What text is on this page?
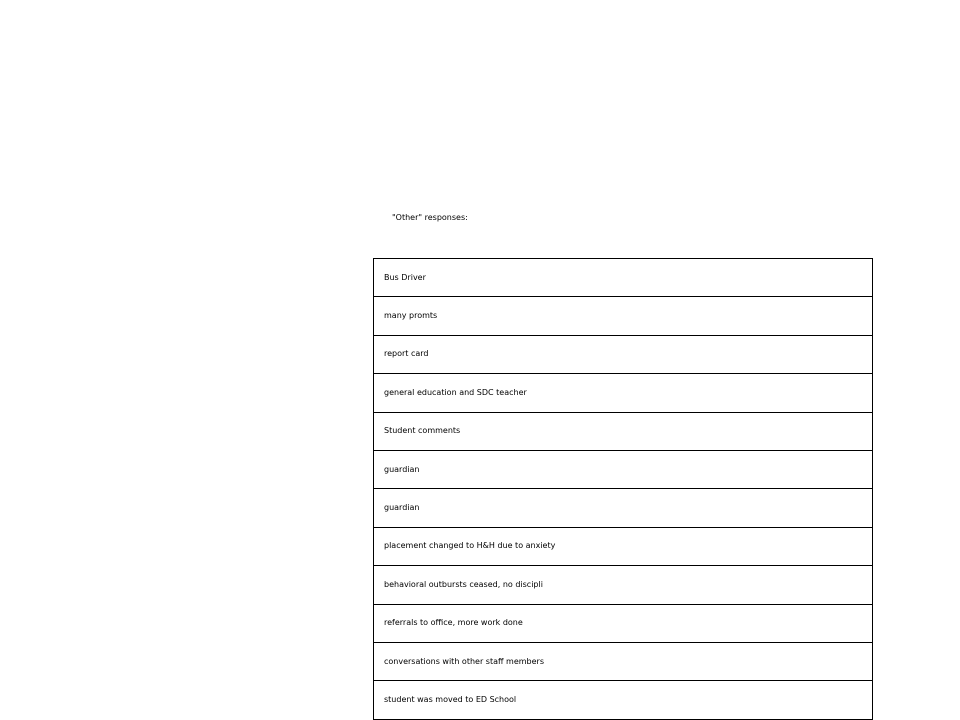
"Other" responses:
Bus Driver
many promts
report card
general education and SDC teacher
Student comments
guardian
guardian
placement changed to H&H due to anxiety
behavioral outbursts ceased, no discipli
referrals to office, more work done
conversations with other staff members
student was moved to ED School
